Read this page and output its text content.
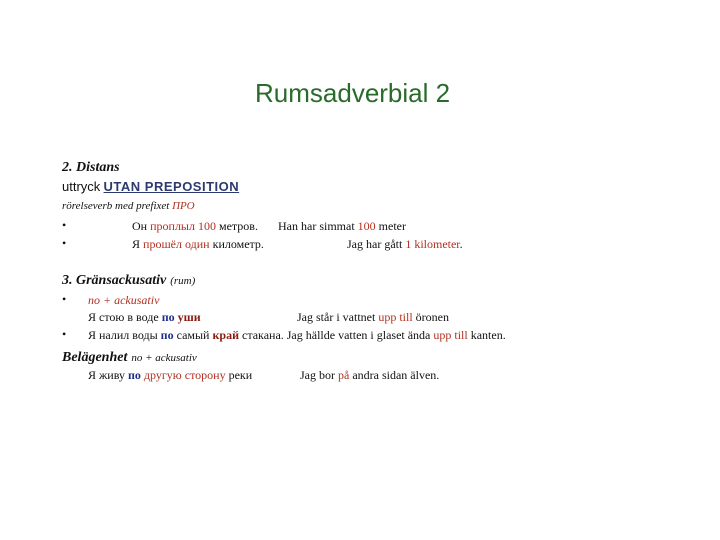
Rumsadverbial 2
2. Distans
uttryck UTAN PREPOSITION
rörelseverb med prefixet ПРО
•	Он проплыл 100 метров. Han har simmat 100 meter
•	Я прошёл один километр.	Jag har gått 1 kilometer.
3. Gränsackusativ (rum)
• no + ackusativ
Я стою в воде по уши	Jag står i vattnet upp till öronen
• Я налил воды по самый край стакана. Jag hällde vatten i glaset ända upp till kanten.
Belägenhet no + ackusativ
Я живу по другую сторону реки	Jag bor på andra sidan älven.
